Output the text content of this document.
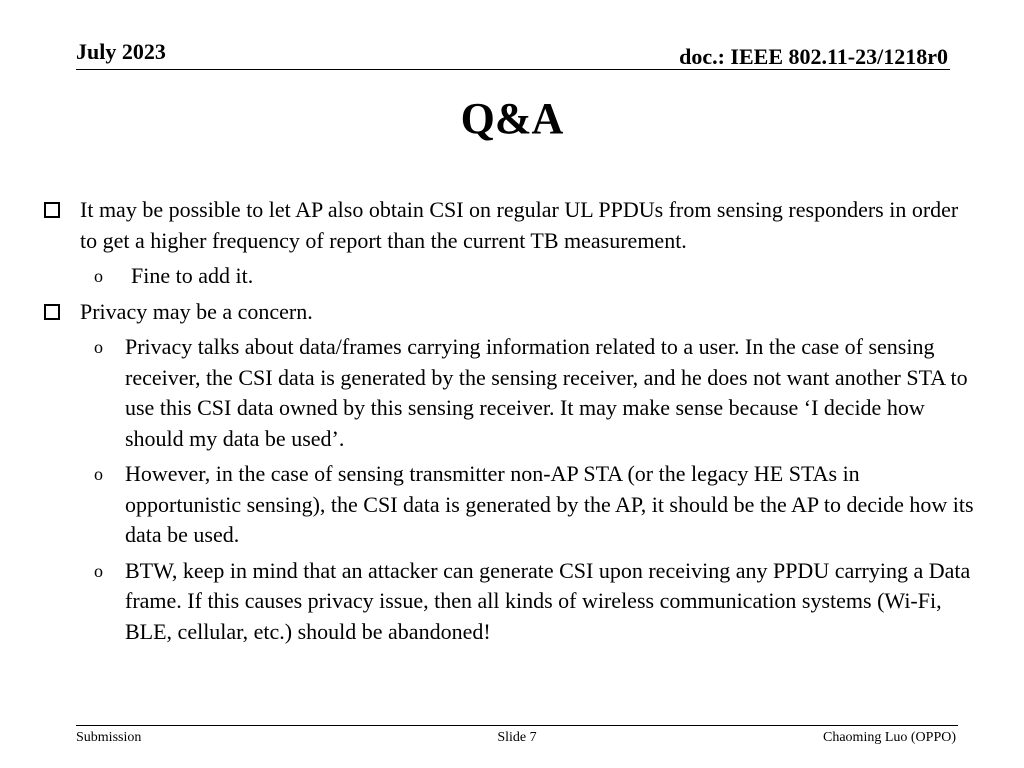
July 2023	doc.: IEEE 802.11-23/1218r0
Q&A
It may be possible to let AP also obtain CSI on regular UL PPDUs from sensing responders in order to get a higher frequency of report than the current TB measurement.
o Fine to add it.
Privacy may be a concern.
o Privacy talks about data/frames carrying information related to a user. In the case of sensing receiver, the CSI data is generated by the sensing receiver, and he does not want another STA to use this CSI data owned by this sensing receiver. It may make sense because ‘I decide how should my data be used’.
o However, in the case of sensing transmitter non-AP STA (or the legacy HE STAs in opportunistic sensing), the CSI data is generated by the AP, it should be the AP to decide how its data be used.
o BTW, keep in mind that an attacker can generate CSI upon receiving any PPDU carrying a Data frame. If this causes privacy issue, then all kinds of wireless communication systems (Wi-Fi, BLE, cellular, etc.) should be abandoned!
Submission	Slide 7	Chaoming Luo (OPPO)
